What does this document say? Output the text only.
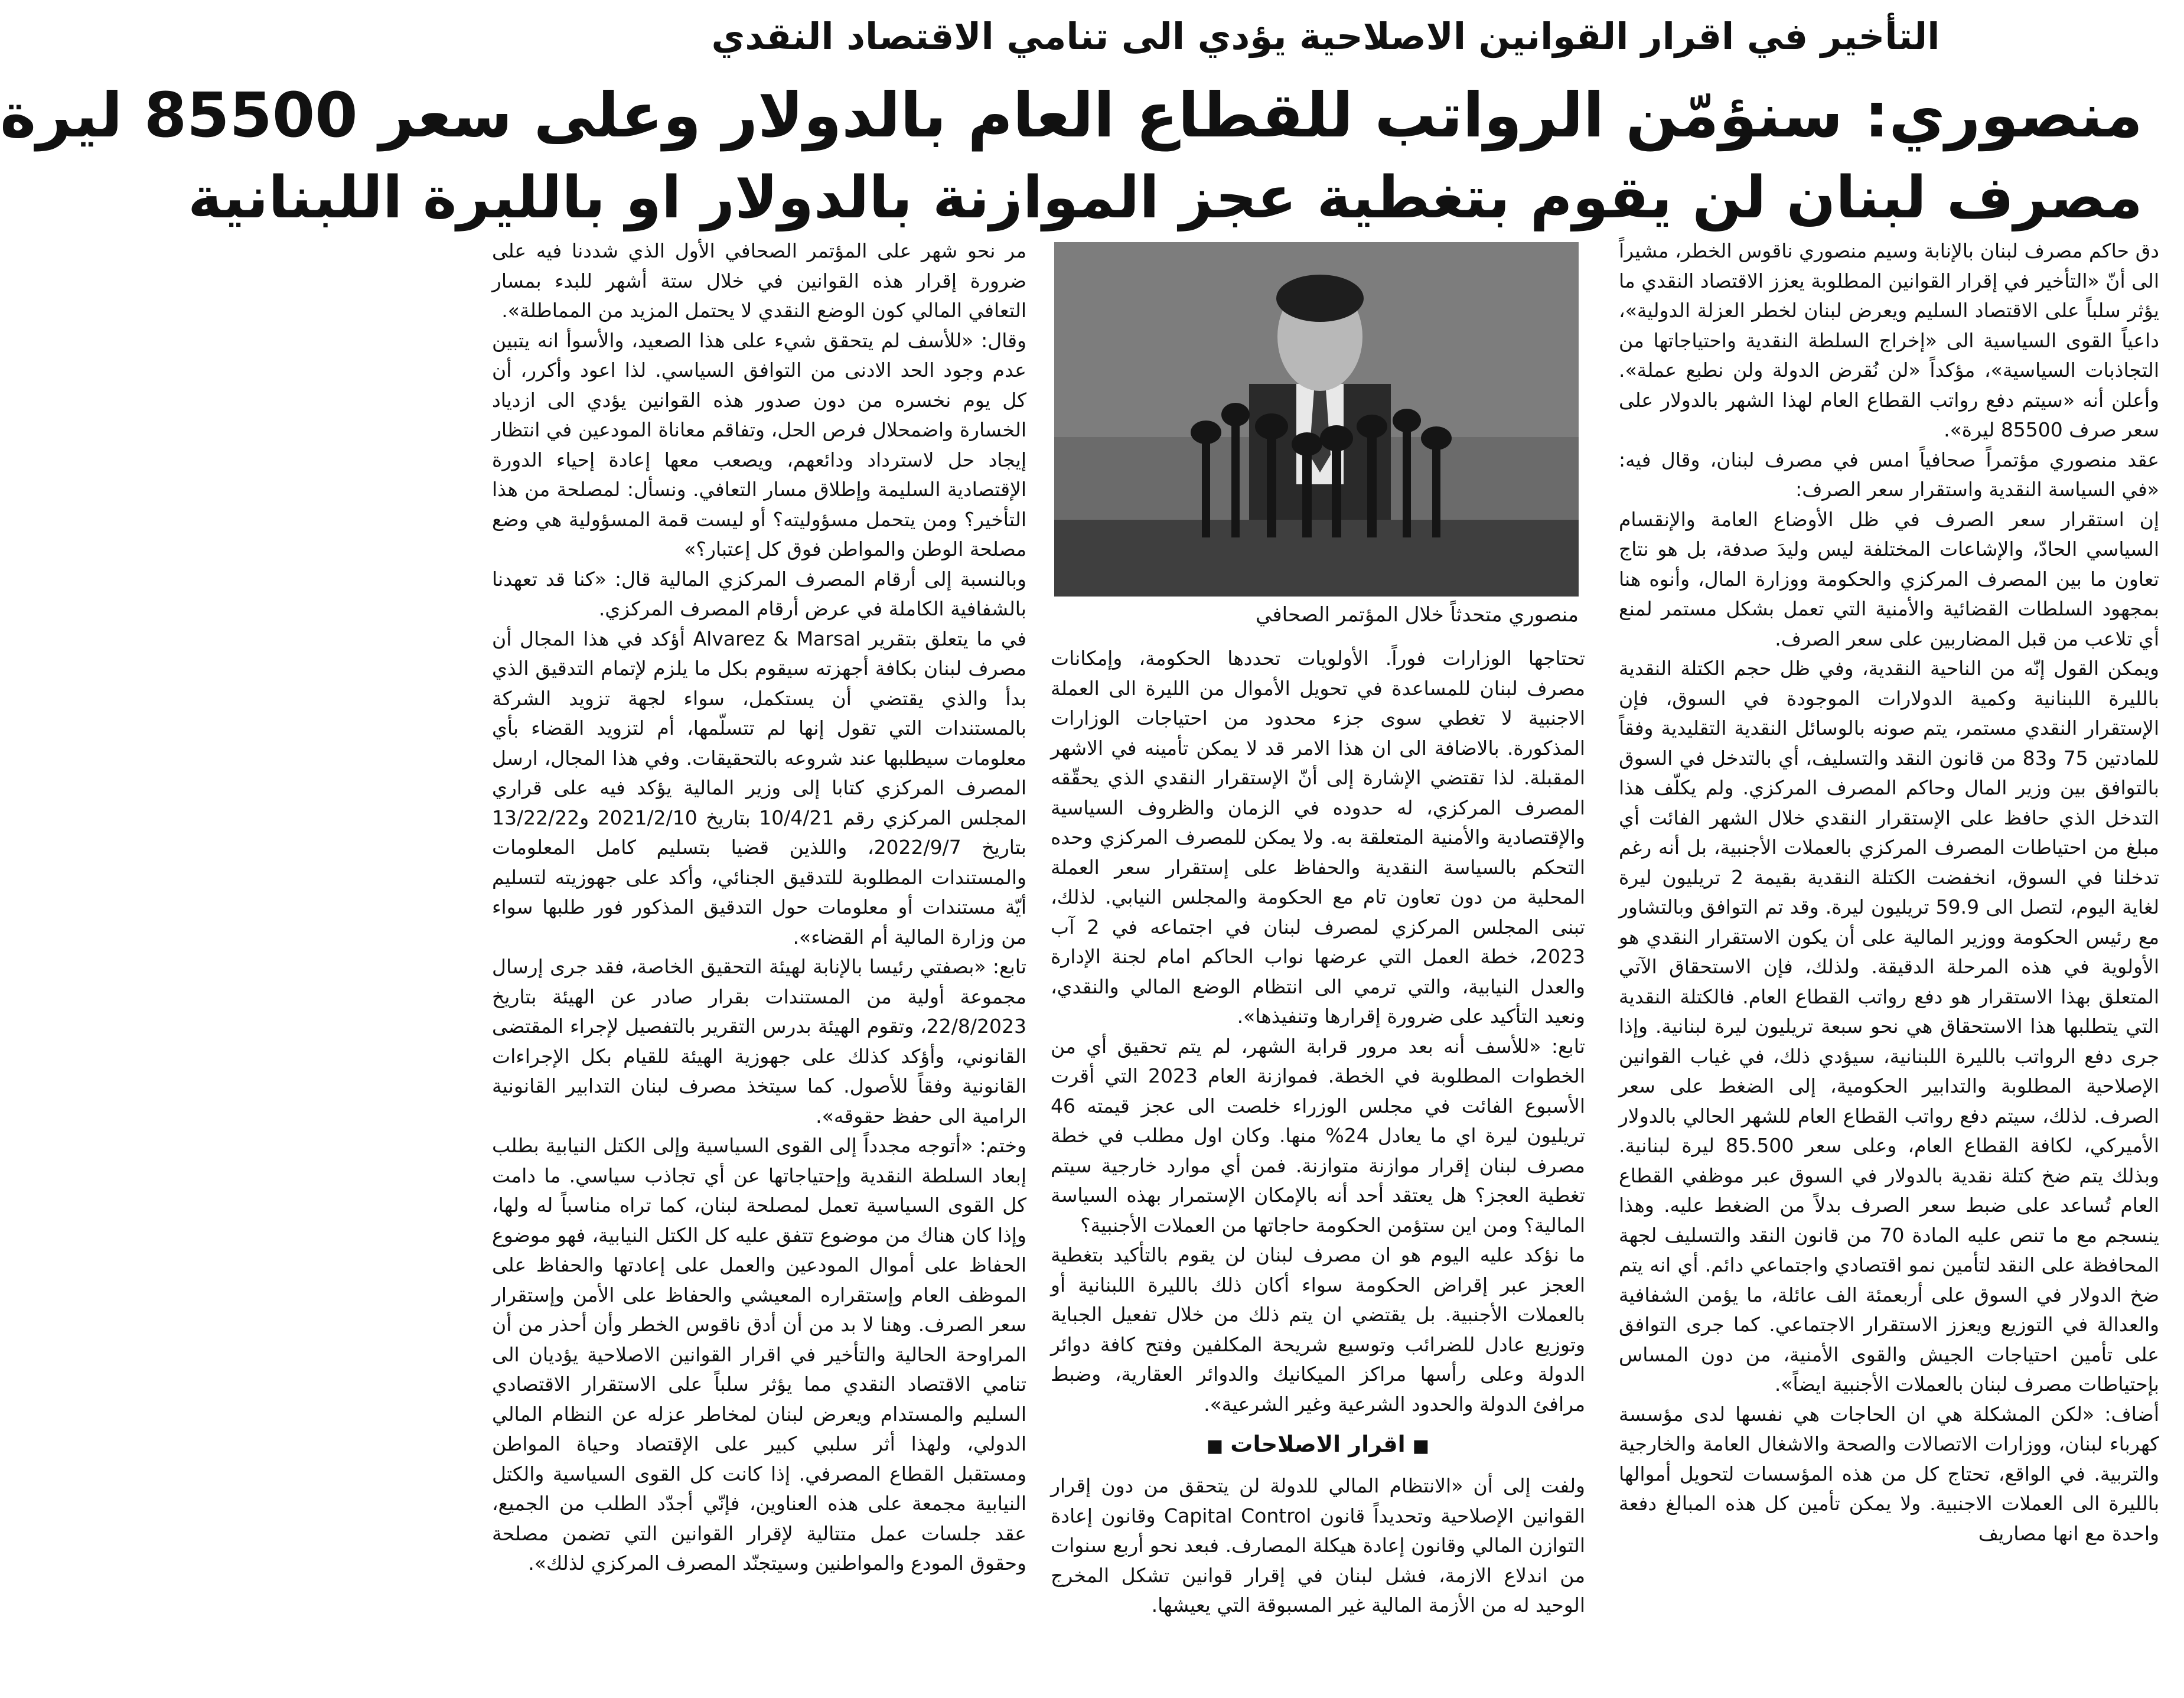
التأخير في اقرار القوانين الاصلاحية يؤدي الى تنامي الاقتصاد النقدي
منصوري: سنؤمّن الرواتب للقطاع العام بالدولار وعلى سعر 85500 ليرة
مصرف لبنان لن يقوم بتغطية عجز الموازنة بالدولار او بالليرة اللبنانية

دق حاكم مصرف لبنان بالإنابة وسيم منصوري ناقوس الخطر، مشيراً الى أنّ «التأخير في إقرار القوانين المطلوبة يعزز الاقتصاد النقدي ما يؤثر سلباً على الاقتصاد السليم ويعرض لبنان لخطر العزلة الدولية»، داعياً القوى السياسية الى «إخراج السلطة النقدية واحتياجاتها من التجاذبات السياسية»، مؤكداً «لن نُقرض الدولة ولن نطبع عملة». وأعلن أنه «سيتم دفع رواتب القطاع العام لهذا الشهر بالدولار على سعر صرف 85500 ليرة».

عقد منصوري مؤتمراً صحافياً امس في مصرف لبنان، وقال فيه: «في السياسة النقدية واستقرار سعر الصرف:

إن استقرار سعر الصرف في ظل الأوضاع العامة والإنقسام السياسي الحادّ، والإشاعات المختلفة ليس وليدَ صدفة، بل هو نتاج تعاون ما بين المصرف المركزي والحكومة ووزارة المال، وأنوه هنا بمجهود السلطات القضائية والأمنية التي تعمل بشكل مستمر لمنع أي تلاعب من قبل المضاربين على سعر الصرف.

ويمكن القول إنّه من الناحية النقدية، وفي ظل حجم الكتلة النقدية بالليرة اللبنانية وكمية الدولارات الموجودة في السوق، فإن الإستقرار النقدي مستمر، يتم صونه بالوسائل النقدية التقليدية وفقاً للمادتين 75 و83 من قانون النقد والتسليف، أي بالتدخل في السوق بالتوافق بين وزير المال وحاكم المصرف المركزي. ولم يكلّف هذا التدخل الذي حافظ على الإستقرار النقدي خلال الشهر الفائت أي مبلغ من احتياطات المصرف المركزي بالعملات الأجنبية، بل أنه رغم تدخلنا في السوق، انخفضت الكتلة النقدية بقيمة 2 تريليون ليرة لغاية اليوم، لتصل الى 59.9 تريليون ليرة. وقد تم التوافق وبالتشاور مع رئيس الحكومة ووزير المالية على أن يكون الاستقرار النقدي هو الأولوية في هذه المرحلة الدقيقة. ولذلك، فإن الاستحقاق الآتي المتعلق بهذا الاستقرار هو دفع رواتب القطاع العام. فالكتلة النقدية التي يتطلبها هذا الاستحقاق هي نحو سبعة تريليون ليرة لبنانية. وإذا جرى دفع الرواتب بالليرة اللبنانية، سيؤدي ذلك، في غياب القوانين الإصلاحية المطلوبة والتدابير الحكومية، إلى الضغط على سعر الصرف. لذلك، سيتم دفع رواتب القطاع العام للشهر الحالي بالدولار الأميركي، لكافة القطاع العام، وعلى سعر 85.500 ليرة لبنانية. وبذلك يتم ضخ كتلة نقدية بالدولار في السوق عبر موظفي القطاع العام تُساعد على ضبط سعر الصرف بدلاً من الضغط عليه. وهذا ينسجم مع ما تنص عليه المادة 70 من قانون النقد والتسليف لجهة المحافظة على النقد لتأمين نمو اقتصادي واجتماعي دائم. أي انه يتم ضخ الدولار في السوق على أربعمئة الف عائلة، ما يؤمن الشفافية والعدالة في التوزيع ويعزز الاستقرار الاجتماعي. كما جرى التوافق على تأمين احتياجات الجيش والقوى الأمنية، من دون المساس بإحتياطات مصرف لبنان بالعملات الأجنبية ايضاً».

أضاف: «لكن المشكلة هي ان الحاجات هي نفسها لدى مؤسسة كهرباء لبنان، ووزارات الاتصالات والصحة والاشغال العامة والخارجية والتربية. في الواقع، تحتاج كل من هذه المؤسسات لتحويل أموالها بالليرة الى العملات الاجنبية. ولا يمكن تأمين كل هذه المبالغ دفعة واحدة مع انها مصاريف

منصوري متحدثاً خلال المؤتمر الصحافي

تحتاجها الوزارات فوراً. الأولويات تحددها الحكومة، وإمكانات مصرف لبنان للمساعدة في تحويل الأموال من الليرة الى العملة الاجنبية لا تغطي سوى جزء محدود من احتياجات الوزارات المذكورة. بالاضافة الى ان هذا الامر قد لا يمكن تأمينه في الاشهر المقبلة. لذا تقتضي الإشارة إلى أنّ الإستقرار النقدي الذي يحقّقه المصرف المركزي، له حدوده في الزمان والظروف السياسية والإقتصادية والأمنية المتعلقة به. ولا يمكن للمصرف المركزي وحده التحكم بالسياسة النقدية والحفاظ على إستقرار سعر العملة المحلية من دون تعاون تام مع الحكومة والمجلس النيابي. لذلك، تبنى المجلس المركزي لمصرف لبنان في اجتماعه في 2 آب 2023، خطة العمل التي عرضها نواب الحاكم امام لجنة الإدارة والعدل النيابية، والتي ترمي الى انتظام الوضع المالي والنقدي، ونعيد التأكيد على ضرورة إقرارها وتنفيذها».

تابع: «للأسف أنه بعد مرور قرابة الشهر، لم يتم تحقيق أي من الخطوات المطلوبة في الخطة. فموازنة العام 2023 التي أقرت الأسبوع الفائت في مجلس الوزراء خلصت الى عجز قيمته 46 تريليون ليرة اي ما يعادل 24% منها. وكان اول مطلب في خطة مصرف لبنان إقرار موازنة متوازنة. فمن أي موارد خارجية سيتم تغطية العجز؟ هل يعتقد أحد أنه بالإمكان الإستمرار بهذه السياسة المالية؟ ومن اين ستؤمن الحكومة حاجاتها من العملات الأجنبية؟

ما نؤكد عليه اليوم هو ان مصرف لبنان لن يقوم بالتأكيد بتغطية العجز عبر إقراض الحكومة سواء أكان ذلك بالليرة اللبنانية أو بالعملات الأجنبية. بل يقتضي ان يتم ذلك من خلال تفعيل الجباية وتوزيع عادل للضرائب وتوسيع شريحة المكلفين وفتح كافة دوائر الدولة وعلى رأسها مراكز الميكانيك والدوائر العقارية، وضبط مرافئ الدولة والحدود الشرعية وغير الشرعية».

■اقرار الاصلاحات■

ولفت إلى أن «الانتظام المالي للدولة لن يتحقق من دون إقرار القوانين الإصلاحية وتحديداً قانون Capital Control وقانون إعادة التوازن المالي وقانون إعادة هيكلة المصارف. فبعد نحو أربع سنوات من اندلاع الازمة، فشل لبنان في إقرار قوانين تشكل المخرج الوحيد له من الأزمة المالية غير المسبوقة التي يعيشها.

مر نحو شهر على المؤتمر الصحافي الأول الذي شددنا فيه على ضرورة إقرار هذه القوانين في خلال ستة أشهر للبدء بمسار التعافي المالي كون الوضع النقدي لا يحتمل المزيد من المماطلة».

وقال: «للأسف لم يتحقق شيء على هذا الصعيد، والأسوأ انه يتبين عدم وجود الحد الادنى من التوافق السياسي. لذا اعود وأكرر، أن كل يوم نخسره من دون صدور هذه القوانين يؤدي الى ازدياد الخسارة واضمحلال فرص الحل، وتفاقم معاناة المودعين في انتظار إيجاد حل لاسترداد ودائعهم، ويصعب معها إعادة إحياء الدورة الإقتصادية السليمة وإطلاق مسار التعافي. ونسأل: لمصلحة من هذا التأخير؟ ومن يتحمل مسؤوليته؟ أو ليست قمة المسؤولية هي وضع مصلحة الوطن والمواطن فوق كل إعتبار؟»

وبالنسبة إلى أرقام المصرف المركزي المالية قال: «كنا قد تعهدنا بالشفافية الكاملة في عرض أرقام المصرف المركزي.

في ما يتعلق بتقرير Alvarez & Marsal أؤكد في هذا المجال أن مصرف لبنان بكافة أجهزته سيقوم بكل ما يلزم لإتمام التدقيق الذي بدأ والذي يقتضي أن يستكمل، سواء لجهة تزويد الشركة بالمستندات التي تقول إنها لم تتسلّمها، أم لتزويد القضاء بأي معلومات سيطلبها عند شروعه بالتحقيقات. وفي هذا المجال، ارسل المصرف المركزي كتابا إلى وزير المالية يؤكد فيه على قراري المجلس المركزي رقم 10/4/21 بتاريخ 2021/2/10 و13/22/22 بتاريخ 2022/9/7، واللذين قضيا بتسليم كامل المعلومات والمستندات المطلوبة للتدقيق الجنائي، وأكد على جهوزيته لتسليم أيّة مستندات أو معلومات حول التدقيق المذكور فور طلبها سواء من وزارة المالية أم القضاء».

تابع: «بصفتي رئيسا بالإنابة لهيئة التحقيق الخاصة، فقد جرى إرسال مجموعة أولية من المستندات بقرار صادر عن الهيئة بتاريخ 22/8/2023، وتقوم الهيئة بدرس التقرير بالتفصيل لإجراء المقتضى القانوني، وأؤكد كذلك على جهوزية الهيئة للقيام بكل الإجراءات القانونية وفقاً للأصول. كما سيتخذ مصرف لبنان التدابير القانونية الرامية الى حفظ حقوقه».

وختم: «أتوجه مجدداً إلى القوى السياسية وإلى الكتل النيابية بطلب إبعاد السلطة النقدية وإحتياجاتها عن أي تجاذب سياسي. ما دامت كل القوى السياسية تعمل لمصلحة لبنان، كما تراه مناسباً له ولها، وإذا كان هناك من موضوع تتفق عليه كل الكتل النيابية، فهو موضوع الحفاظ على أموال المودعين والعمل على إعادتها والحفاظ على الموظف العام وإستقراره المعيشي والحفاظ على الأمن وإستقرار سعر الصرف. وهنا لا بد من أن أدق ناقوس الخطر وأن أحذر من أن المراوحة الحالية والتأخير في اقرار القوانين الاصلاحية يؤديان الى تنامي الاقتصاد النقدي مما يؤثر سلباً على الاستقرار الاقتصادي السليم والمستدام ويعرض لبنان لمخاطر عزله عن النظام المالي الدولي، ولهذا أثر سلبي كبير على الإقتصاد وحياة المواطن ومستقبل القطاع المصرفي. إذا كانت كل القوى السياسية والكتل النيابية مجمعة على هذه العناوين، فإنّي أجدّد الطلب من الجميع، عقد جلسات عمل متتالية لإقرار القوانين التي تضمن مصلحة وحقوق المودع والمواطنين وسيتجنّد المصرف المركزي لذلك».
